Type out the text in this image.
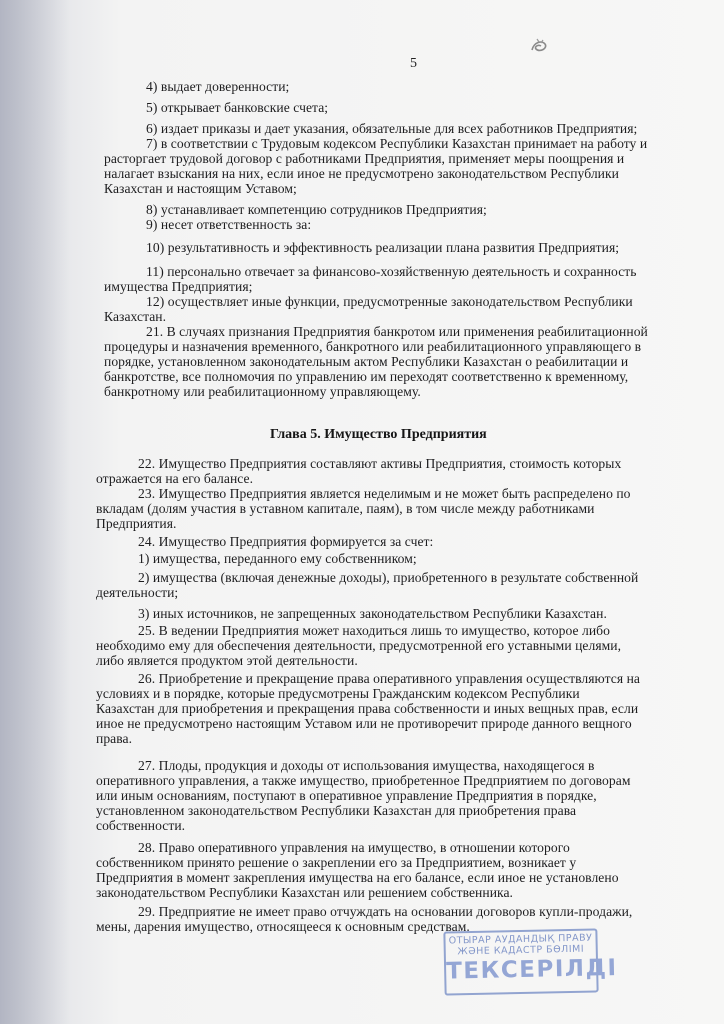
5
4) выдает доверенности;
5) открывает банковские счета;
6) издает приказы и дает указания, обязательные для всех работников Предприятия;
7) в соответствии с Трудовым кодексом Республики Казахстан принимает на работу и
расторгает трудовой договор с работниками Предприятия, применяет меры поощрения и
налагает взыскания на них, если иное не предусмотрено законодательством Республики
Казахстан и настоящим Уставом;
8) устанавливает компетенцию сотрудников Предприятия;
9) несет ответственность за:
10) результативность и эффективность реализации плана развития Предприятия;
11) персонально отвечает за финансово-хозяйственную деятельность и сохранность
имущества Предприятия;
12) осуществляет иные функции, предусмотренные законодательством Республики
Казахстан.
21. В случаях признания Предприятия банкротом или применения реабилитационной
процедуры и назначения временного, банкротного или реабилитационного управляющего в
порядке, установленном законодательным актом Республики Казахстан о реабилитации и
банкротстве, все полномочия по управлению им переходят соответственно к временному,
банкротному или реабилитационному управляющему.
22. Имущество Предприятия составляют активы Предприятия, стоимость которых
отражается на его балансе.
23. Имущество Предприятия является неделимым и не может быть распределено по
вкладам (долям участия в уставном капитале, паям), в том числе между работниками
Предприятия.
24. Имущество Предприятия формируется за счет:
1) имущества, переданного ему собственником;
2) имущества (включая денежные доходы), приобретенного в результате собственной
деятельности;
3) иных источников, не запрещенных законодательством Республики Казахстан.
25. В ведении Предприятия может находиться лишь то имущество, которое либо
необходимо ему для обеспечения деятельности, предусмотренной его уставными целями,
либо является продуктом этой деятельности.
26. Приобретение и прекращение права оперативного управления осуществляются на
условиях и в порядке, которые предусмотрены Гражданским кодексом Республики
Казахстан для приобретения и прекращения права собственности и иных вещных прав, если
иное не предусмотрено настоящим Уставом или не противоречит природе данного вещного
права.
27. Плоды, продукция и доходы от использования имущества, находящегося в
оперативного управления, а также имущество, приобретенное Предприятием по договорам
или иным основаниям, поступают в оперативное управление Предприятия в порядке,
установленном законодательством Республики Казахстан для приобретения права
собственности.
28. Право оперативного управления на имущество, в отношении которого
собственником принято решение о закреплении его за Предприятием, возникает у
Предприятия в момент закрепления имущества на его балансе, если иное не установлено
законодательством Республики Казахстан или решением собственника.
29. Предприятие не имеет право отчуждать на основании договоров купли-продажи,
мены, дарения имущество, относящееся к основным средствам.
Глава 5. Имущество Предприятия
ОТЫРАР АУДАНДЫҚ ПРАВУ
ЖӘНЕ КАДАСТР БӨЛІМІ
ТЕКСЕРІЛДІ
